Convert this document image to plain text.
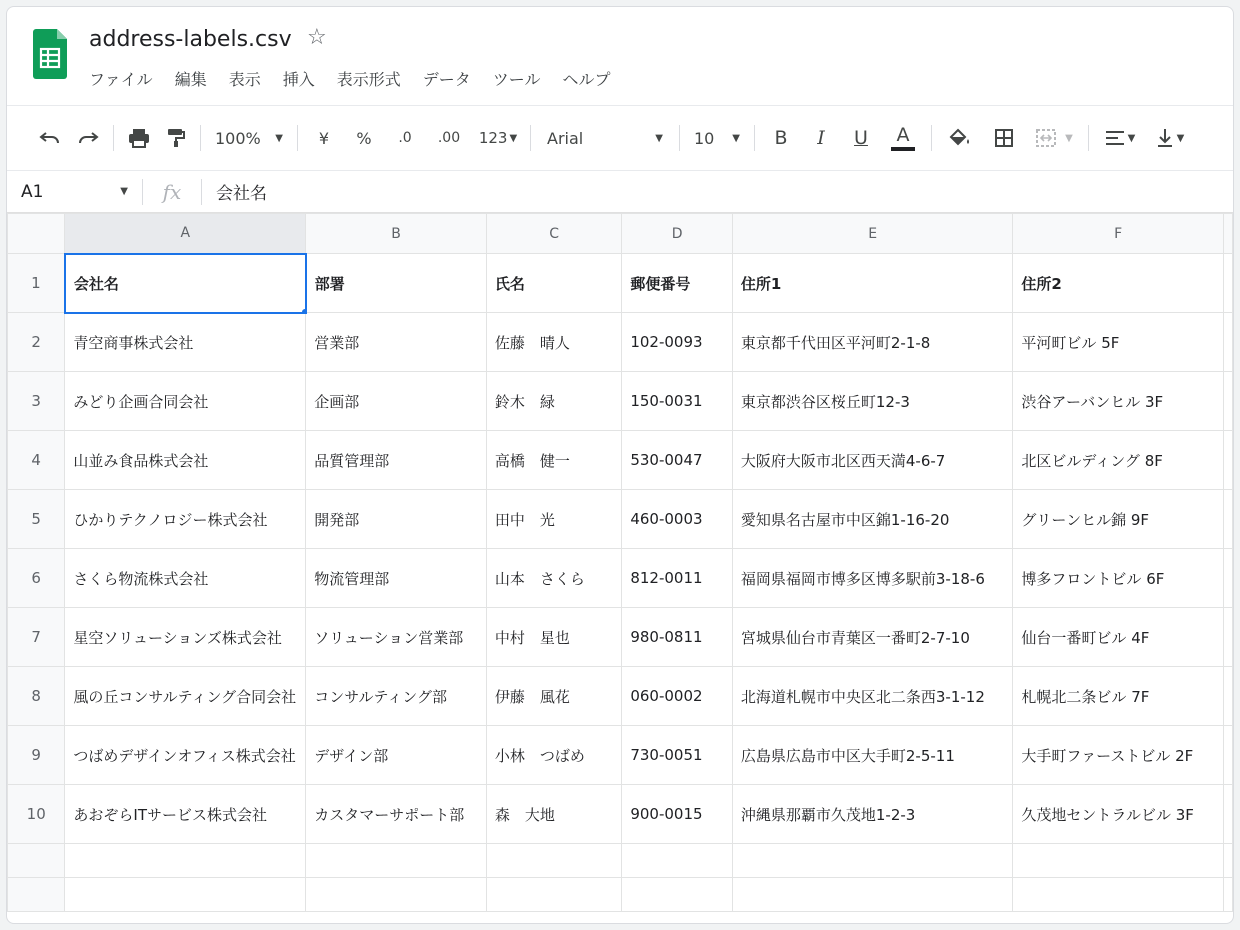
address-labels.csv ☆
ファイル 編集 表示 挿入 表示形式 データ ツール ヘルプ
100% ▼	¥	%	.0 .00 123 ▼ Arial	▼ 10 ▼	B	I	U	A	▼	▼	▼
A1	▼	fx	会社名
	A	B	C	D	E	F	
1	会社名	部署	氏名	郵便番号	住所1	住所2	
2	青空商事株式会社	営業部	佐藤　晴人	102-0093	東京都千代田区平河町2-1-8	平河町ビル 5F	
3	みどり企画合同会社	企画部	鈴木　緑	150-0031	東京都渋谷区桜丘町12-3	渋谷アーバンヒル 3F	
4	山並み食品株式会社	品質管理部	高橋　健一	530-0047	大阪府大阪市北区西天満4-6-7	北区ビルディング 8F	
5	ひかりテクノロジー株式会社	開発部	田中　光	460-0003	愛知県名古屋市中区錦1-16-20	グリーンヒル錦 9F	
6	さくら物流株式会社	物流管理部	山本　さくら	812-0011	福岡県福岡市博多区博多駅前3-18-6	博多フロントビル 6F	
7	星空ソリューションズ株式会社	ソリューション営業部	中村　星也	980-0811	宮城県仙台市青葉区一番町2-7-10	仙台一番町ビル 4F	
8	風の丘コンサルティング合同会社	コンサルティング部	伊藤　風花	060-0002	北海道札幌市中央区北二条西3-1-12	札幌北二条ビル 7F	
9	つばめデザインオフィス株式会社	デザイン部	小林　つばめ	730-0051	広島県広島市中区大手町2-5-11	大手町ファーストビル 2F	
10	あおぞらITサービス株式会社	カスタマーサポート部	森　大地	900-0015	沖縄県那覇市久茂地1-2-3	久茂地セントラルビル 3F	
